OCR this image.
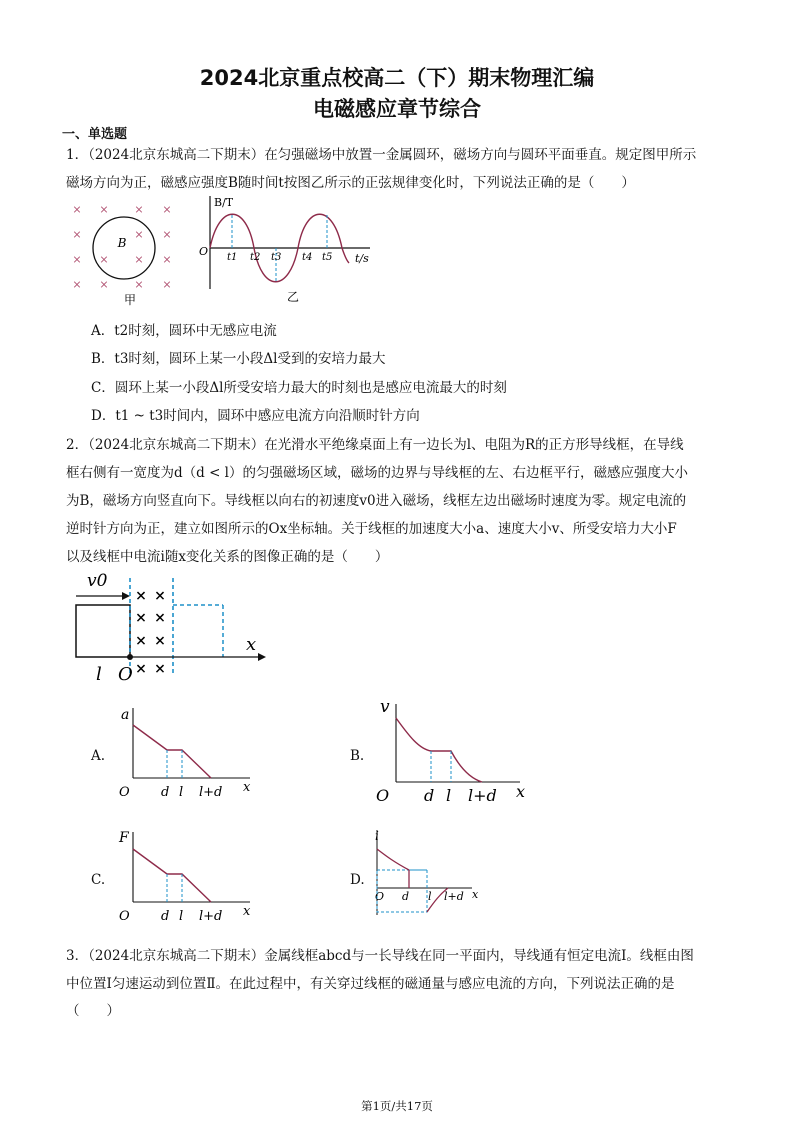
2024北京重点校高二（下）期末物理汇编
电磁感应章节综合
一、单选题
1．（2024北京东城高二下期末）在匀强磁场中放置一金属圆环，磁场方向与圆环平面垂直。规定图甲所示
磁场方向为正，磁感应强度B随时间t按图乙所示的正弦规律变化时，下列说法正确的是（　　）
× × × ×
×	× ×
× × × ×
× × × ×
B
甲
B/T
O
t/s
t1 t2 t3 t4 t5
乙
A．t2时刻，圆环中无感应电流
B．t3时刻，圆环上某一小段Δl受到的安培力最大
C．圆环上某一小段Δl所受安培力最大的时刻也是感应电流最大的时刻
D．t1 ~ t3时间内，圆环中感应电流方向沿顺时针方向
2．（2024北京东城高二下期末）在光滑水平绝缘桌面上有一边长为l、电阻为R的正方形导线框，在导线
框右侧有一宽度为d（d < l）的匀强磁场区域，磁场的边界与导线框的左、右边框平行，磁感应强度大小
为B，磁场方向竖直向下。导线框以向右的初速度v0进入磁场，线框左边出磁场时速度为零。规定电流的
逆时针方向为正，建立如图所示的Ox坐标轴。关于线框的加速度大小a、速度大小v、所受安培力大小F
以及线框中电流i随x变化关系的图像正确的是（　　）
v0
× ×
× ×
× ×
× ×
x
l O
A.	B.
C.	D.
a
O	x
d l l+d
v
O	x
d l l+d
F
O	x
d l l+d
i
O	x
d l l+d
3．（2024北京东城高二下期末）金属线框abcd与一长导线在同一平面内，导线通有恒定电流I。线框由图
中位置Ⅰ匀速运动到位置Ⅱ。在此过程中，有关穿过线框的磁通量与感应电流的方向，下列说法正确的是
（　　）
第1页/共17页
